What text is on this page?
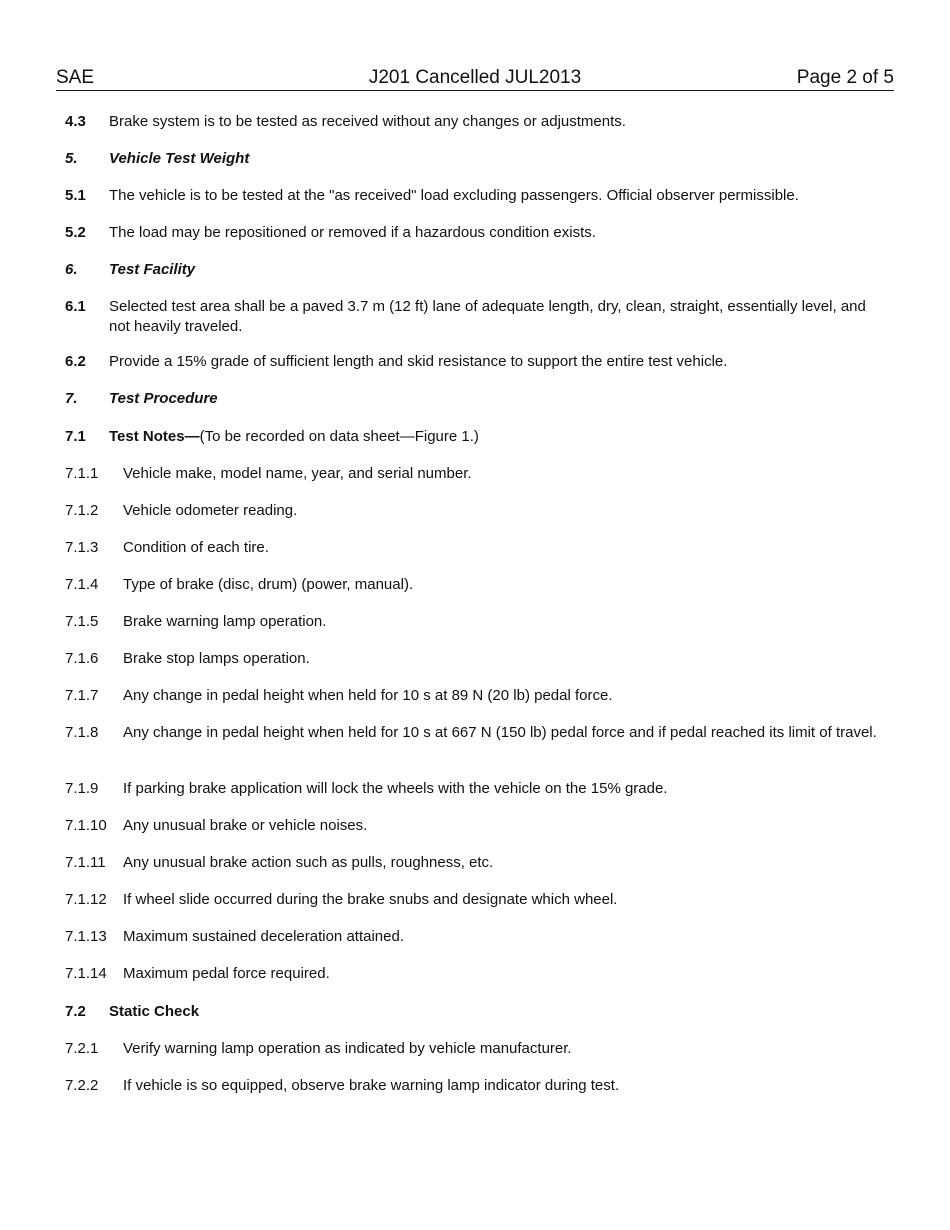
SAE	J201 Cancelled JUL2013	Page 2 of 5
4.3	Brake system is to be tested as received without any changes or adjustments.
5.	Vehicle Test Weight
5.1	The vehicle is to be tested at the "as received" load excluding passengers. Official observer permissible.
5.2	The load may be repositioned or removed if a hazardous condition exists.
6.	Test Facility
6.1	Selected test area shall be a paved 3.7 m (12 ft) lane of adequate length, dry, clean, straight, essentially level, and not heavily traveled.
6.2	Provide a 15% grade of sufficient length and skid resistance to support the entire test vehicle.
7.	Test Procedure
7.1	Test Notes—(To be recorded on data sheet—Figure 1.)
7.1.1	Vehicle make, model name, year, and serial number.
7.1.2	Vehicle odometer reading.
7.1.3	Condition of each tire.
7.1.4	Type of brake (disc, drum) (power, manual).
7.1.5	Brake warning lamp operation.
7.1.6	Brake stop lamps operation.
7.1.7	Any change in pedal height when held for 10 s at 89 N (20 lb) pedal force.
7.1.8	Any change in pedal height when held for 10 s at 667 N (150 lb) pedal force and if pedal reached its limit of travel.
7.1.9	If parking brake application will lock the wheels with the vehicle on the 15% grade.
7.1.10	Any unusual brake or vehicle noises.
7.1.11	Any unusual brake action such as pulls, roughness, etc.
7.1.12	If wheel slide occurred during the brake snubs and designate which wheel.
7.1.13	Maximum sustained deceleration attained.
7.1.14	Maximum pedal force required.
7.2	Static Check
7.2.1	Verify warning lamp operation as indicated by vehicle manufacturer.
7.2.2	If vehicle is so equipped, observe brake warning lamp indicator during test.
